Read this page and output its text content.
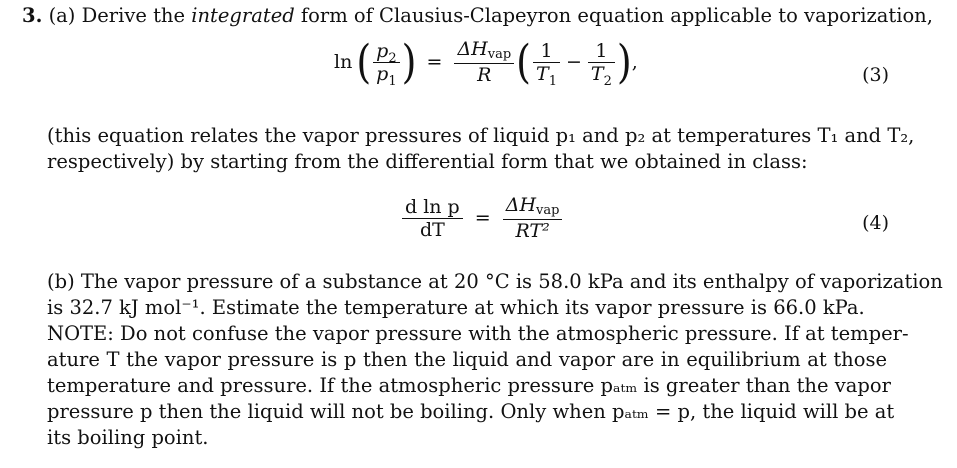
3. (a) Derive the integrated form of Clausius-Clapeyron equation applicable to vaporization,
ln ( $\frac{p_2}{p_1}$ ) = $\frac{\text{ΔHvap}}{R}$ ( $\frac{1}{T_1} - \frac{1}{T_2}$ ),
(3)
(this equation relates the vapor pressures of liquid p₁ and p₂ at temperatures T₁ and T₂,
respectively) by starting from the differential form that we obtained in class:
$\frac{\text{d ln p}}{dT} = \frac{\text{ΔHvap}}{\text{RT²}}$	(4)
(b) The vapor pressure of a substance at 20 °C is 58.0 kPa and its enthalpy of vaporization
is 32.7 kJ mol⁻¹. Estimate the temperature at which its vapor pressure is 66.0 kPa.
NOTE: Do not confuse the vapor pressure with the atmospheric pressure. If at temper-
ature T the vapor pressure is p then the liquid and vapor are in equilibrium at those
temperature and pressure. If the atmospheric pressure pₐₜₘ is greater than the vapor
pressure p then the liquid will not be boiling. Only when pₐₜₘ = p, the liquid will be at
its boiling point.
